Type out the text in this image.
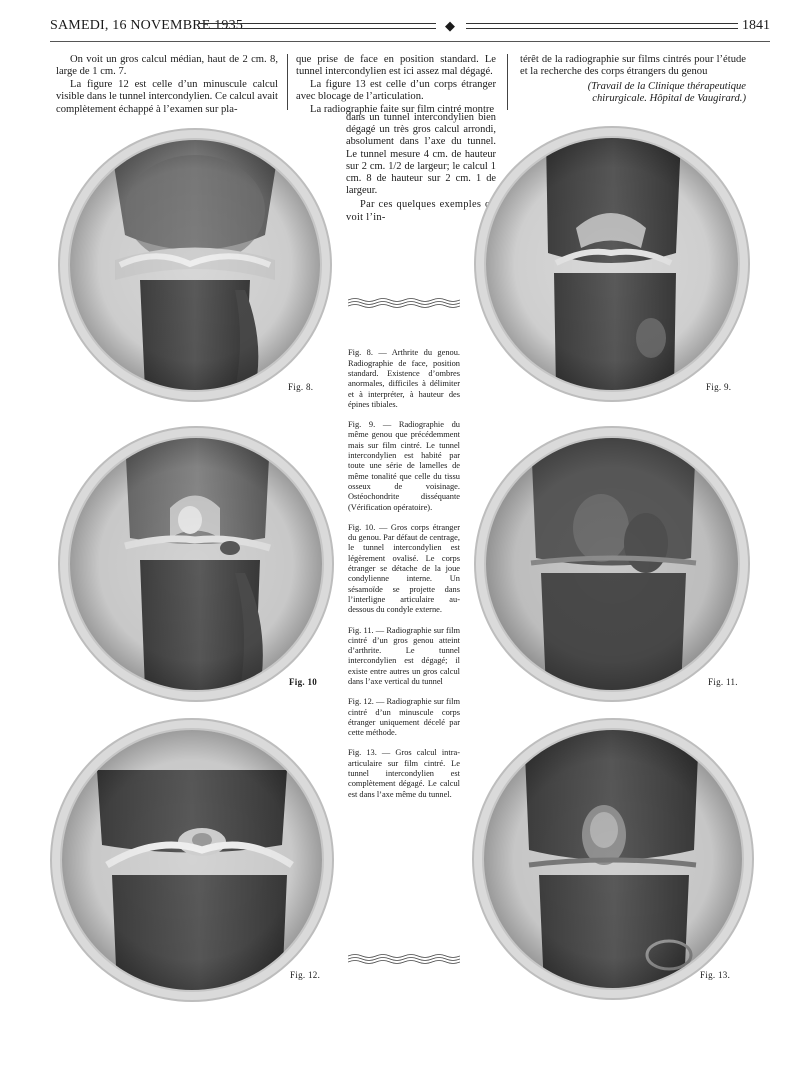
SAMEDI, 16 NOVEMBRE 1935	◆	1841

On voit un gros calcul médian, haut de 2 cm. 8, large de 1 cm. 7.

La figure 12 est celle d’un minuscule calcul visible dans le tunnel intercondylien. Ce calcul avait complètement échappé à l’examen sur pla-

que prise de face en position standard. Le tunnel intercondylien est ici assez mal dégagé.

La figure 13 est celle d’un corps étranger avec blocage de l’articulation.

La radiographie faite sur film cintré montre

dans un tunnel intercondylien bien dégagé un très gros calcul arrondi, absolument dans l’axe du tunnel. Le tunnel mesure 4 cm. de hauteur sur 2 cm. 1/2 de largeur; le calcul 1 cm. 8 de hauteur sur 2 cm. 1 de largeur.

Par ces quelques exemples on voit l’in-

térêt de la radiographie sur films cintrés pour l’étude et la recherche des corps étrangers du genou

(Travail de la Clinique thérapeutique chirurgicale. Hôpital de Vaugirard.)

Fig. 8.	Fig. 9.
Fig. 10	Fig. 11.
Fig. 12.	Fig. 13.

Fig. 8. — Arthrite du genou. Radiographie de face, position standard. Existence d’ombres anormales, difficiles à délimiter et à interpréter, à hauteur des épines tibiales.

Fig. 9. — Radiographie du même genou que précédemment mais sur film cintré. Le tunnel intercondylien est habité par toute une série de lamelles de même tonalité que celle du tissu osseux de voisinage. Ostéochondrite disséquante (Vérification opératoire).

Fig. 10. — Gros corps étranger du genou. Par défaut de centrage, le tunnel intercondylien est légèrement ovalisé. Le corps étranger se détache de la joue condylienne interne. Un sésamoïde se projette dans l’interligne articulaire au-dessous du condyle externe.

Fig. 11. — Radiographie sur film cintré d’un gros genou atteint d’arthrite. Le tunnel intercondylien est dégagé; il existe entre autres un gros calcul dans l’axe vertical du tunnel

Fig. 12. — Radiographie sur film cintré d’un minuscule corps étranger uniquement décelé par cette méthode.

Fig. 13. — Gros calcul intra-articulaire sur film cintré. Le tunnel intercondylien est complètement dégagé. Le calcul est dans l’axe même du tunnel.
